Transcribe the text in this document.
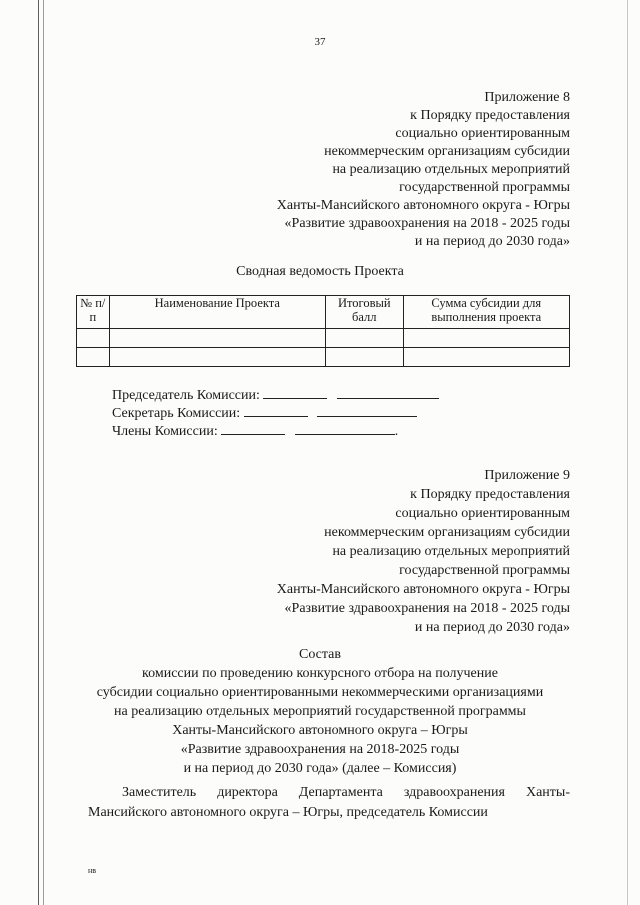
37
Приложение 8
к Порядку предоставления
социально ориентированным
некоммерческим организациям субсидии
на реализацию отдельных мероприятий
государственной программы
Ханты-Мансийского автономного округа - Югры
«Развитие здравоохранения на 2018 - 2025 годы
и на период до 2030 года»
Сводная ведомость Проекта
№ п/п	Наименование Проекта	Итоговый балл	Сумма субсидии для выполнения проекта

Председатель Комиссии:
Секретарь Комиссии:
Члены Комиссии:	.
Приложение 9
к Порядку предоставления
социально ориентированным
некоммерческим организациям субсидии
на реализацию отдельных мероприятий
государственной программы
Ханты-Мансийского автономного округа - Югры
«Развитие здравоохранения на 2018 - 2025 годы
и на период до 2030 года»
Состав
комиссии по проведению конкурсного отбора на получение
субсидии социально ориентированными некоммерческими организациями
на реализацию отдельных мероприятий государственной программы
Ханты-Мансийского автономного округа – Югры
«Развитие здравоохранения на 2018-2025 годы
и на период до 2030 года» (далее – Комиссия)
Заместитель директора Департамента здравоохранения Ханты-
Мансийского автономного округа – Югры, председатель Комиссии
нв
